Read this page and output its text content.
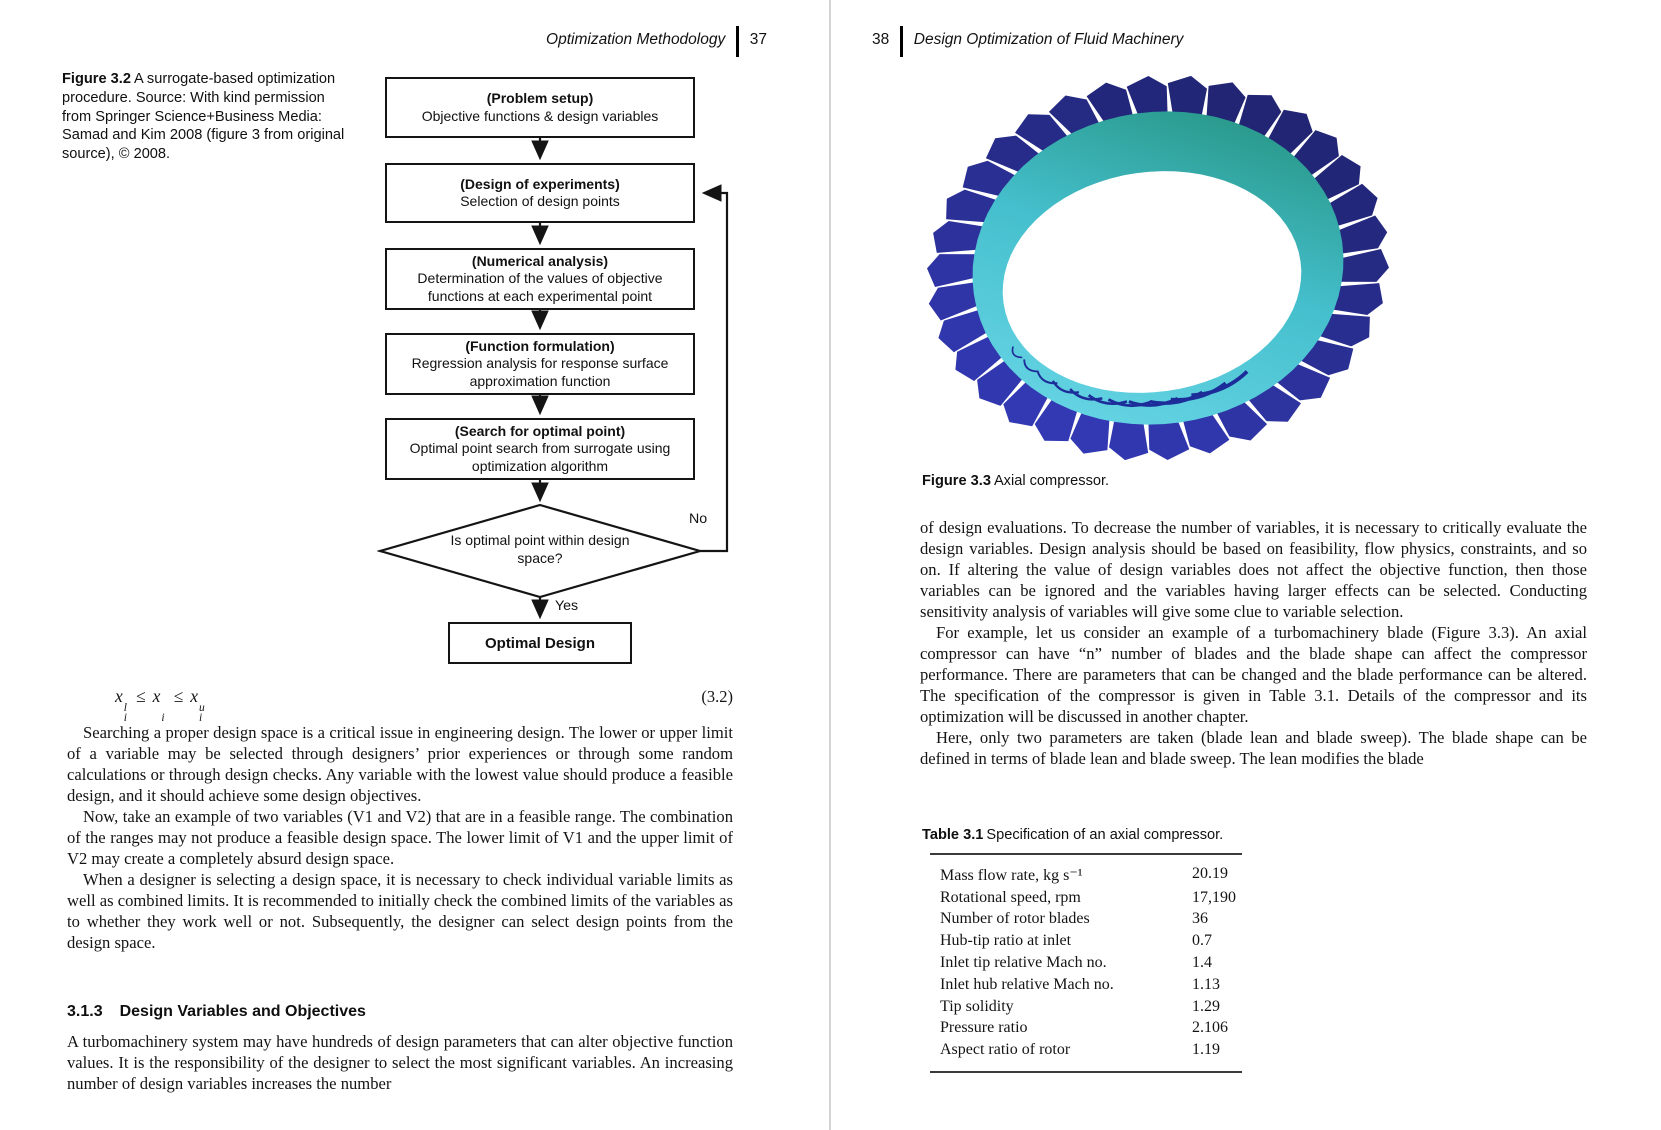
Optimization Methodology 37
Figure 3.2 A surrogate-based optimization procedure. Source: With kind permission from Springer Science+Business Media: Samad and Kim 2008 (figure 3 from original source), © 2008.
(Problem setup)
Objective functions & design variables
(Design of experiments)
Selection of design points
(Numerical analysis)
Determination of the values of objective functions at each experimental point
(Function formulation)
Regression analysis for response surface approximation function
(Search for optimal point)
Optimal point search from surrogate using optimization algorithm
Is optimal point within design space?
Yes
No
Optimal Design
x
l
i
≤ x

i
≤ x
u
i
(3.2)

Searching a proper design space is a critical issue in engineering design. The lower or upper limit of a variable may be selected through designers’ prior experiences or through some random calculations or through design checks. Any variable with the lowest value should produce a feasible design, and it should achieve some design objectives.

Now, take an example of two variables (V1 and V2) that are in a feasible range. The combination of the ranges may not produce a feasible design space. The lower limit of V1 and the upper limit of V2 may create a completely absurd design space.

When a designer is selecting a design space, it is necessary to check individual variable limits as well as combined limits. It is recommended to initially check the combined limits of the variables as to whether they work well or not. Subsequently, the designer can select design points from the design space.

3.1.3 Design Variables and Objectives

A turbomachinery system may have hundreds of design parameters that can alter objective function values. It is the responsibility of the designer to select the most significant variables. An increasing number of design variables increases the number

38 Design Optimization of Fluid Machinery
Figure 3.3 Axial compressor.

of design evaluations. To decrease the number of variables, it is necessary to critically evaluate the design variables. Design analysis should be based on feasibility, flow physics, constraints, and so on. If altering the value of design variables does not affect the objective function, then those variables can be ignored and the variables having larger effects can be selected. Conducting sensitivity analysis of variables will give some clue to variable selection.

For example, let us consider an example of a turbomachinery blade (Figure 3.3). An axial compressor can have “n” number of blades and the blade shape can affect the compressor performance. There are parameters that can be changed and the blade performance can be altered. The specification of the compressor is given in Table 3.1. Details of the compressor and its optimization will be discussed in another chapter.

Here, only two parameters are taken (blade lean and blade sweep). The blade shape can be defined in terms of blade lean and blade sweep. The lean modifies the blade

Table 3.1 Specification of an axial compressor.
Mass flow rate, kg s⁻¹	20.19
Rotational speed, rpm	17,190
Number of rotor blades	36
Hub-tip ratio at inlet	0.7
Inlet tip relative Mach no.	1.4
Inlet hub relative Mach no.	1.13
Tip solidity	1.29
Pressure ratio	2.106
Aspect ratio of rotor	1.19
